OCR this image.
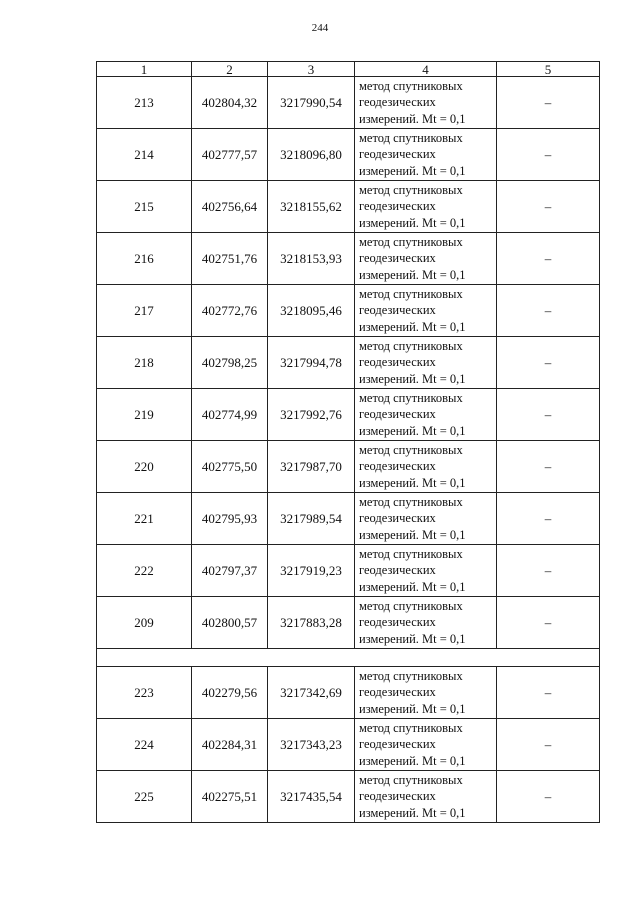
244
1	2	3	4	5
213	402804,32	3217990,54	метод спутниковых
геодезических
измерений. Mt = 0,1	–
214	402777,57	3218096,80	метод спутниковых
геодезических
измерений. Mt = 0,1	–
215	402756,64	3218155,62	метод спутниковых
геодезических
измерений. Mt = 0,1	–
216	402751,76	3218153,93	метод спутниковых
геодезических
измерений. Mt = 0,1	–
217	402772,76	3218095,46	метод спутниковых
геодезических
измерений. Mt = 0,1	–
218	402798,25	3217994,78	метод спутниковых
геодезических
измерений. Mt = 0,1	–
219	402774,99	3217992,76	метод спутниковых
геодезических
измерений. Mt = 0,1	–
220	402775,50	3217987,70	метод спутниковых
геодезических
измерений. Mt = 0,1	–
221	402795,93	3217989,54	метод спутниковых
геодезических
измерений. Mt = 0,1	–
222	402797,37	3217919,23	метод спутниковых
геодезических
измерений. Mt = 0,1	–
209	402800,57	3217883,28	метод спутниковых
геодезических
измерений. Mt = 0,1	–

223	402279,56	3217342,69	метод спутниковых
геодезических
измерений. Mt = 0,1	–
224	402284,31	3217343,23	метод спутниковых
геодезических
измерений. Mt = 0,1	–
225	402275,51	3217435,54	метод спутниковых
геодезических
измерений. Mt = 0,1	–
